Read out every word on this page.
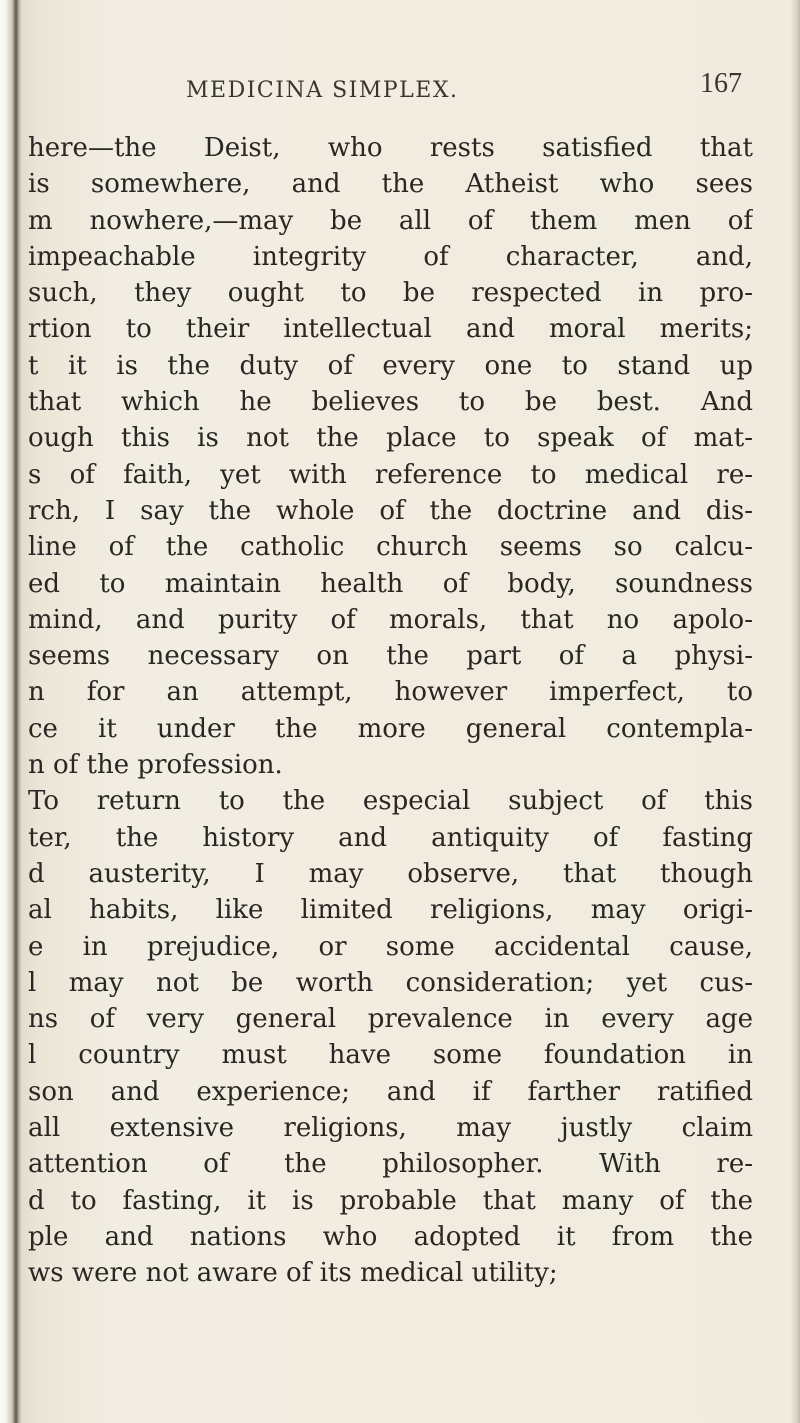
MEDICINA SIMPLEX.	167
here—the Deist, who rests satisfied that
is somewhere, and the Atheist who sees
m nowhere,—may be all of them men of
impeachable integrity of character, and,
such, they ought to be respected in pro-
rtion to their intellectual and moral merits;
t it is the duty of every one to stand up
that which he believes to be best. And
ough this is not the place to speak of mat-
s of faith, yet with reference to medical re-
rch, I say the whole of the doctrine and dis-
line of the catholic church seems so calcu-
ed to maintain health of body, soundness
mind, and purity of morals, that no apolo-
seems necessary on the part of a physi-
n for an attempt, however imperfect, to
ce it under the more general contempla-
n of the profession.
To return to the especial subject of this
ter, the history and antiquity of fasting
d austerity, I may observe, that though
al habits, like limited religions, may origi-
e in prejudice, or some accidental cause,
l may not be worth consideration; yet cus-
ns of very general prevalence in every age
l country must have some foundation in
son and experience; and if farther ratified
all extensive religions, may justly claim
attention of the philosopher. With re-
d to fasting, it is probable that many of the
ple and nations who adopted it from the
ws were not aware of its medical utility;
